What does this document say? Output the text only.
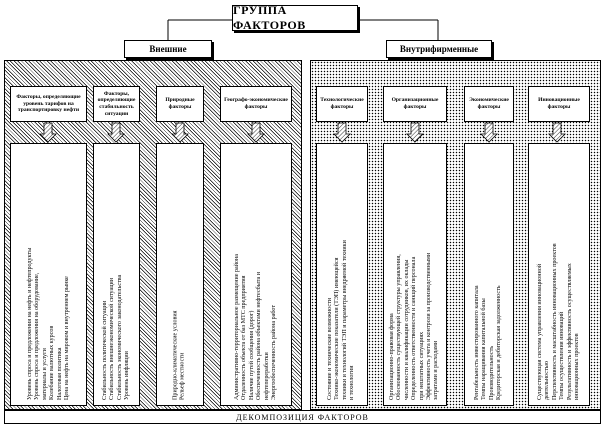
ГРУППА ФАКТОРОВ
Внешние	Внутрифирменные
Факторы, определяющие уровень тарифов на транспортировку нефти
Факторы, определяющие стабильность ситуации
Природные факторы
Географо-экономические факторы
Технологические факторы
Организационные факторы
Экономические факторы
Инновационные факторы
Уровень спроса и предложения на нефть и нефтепродукты
Уровень спроса и предложения на оборудование,
материалы и услуги
Колебание валютных курсов
Налоговая политика
Цена на нефть на мировом и внутреннем рынке
Стабильность политической ситуации
Стабильность внешнеэкономической ситуации
Стабильность экономического законодательства
Уровень инфляции	Природно-климатические условия
Рельеф местности	Административно-территориальное размещение района
Отдаленность объекта от баз МТС предприятия
Наличие путей сообщения (дорог)
Обеспеченность района объектами нефтесбыта и
нефтепереработки
Энергообеспеченность района работ
Состояние и технические возможности
Технико-экономические показатели (ТЭП) имеющейся
техники и технологий ТЭП и параметры внедряемой техники
и технологии	Организационно-правовая форма
Обоснованность существующей структуры управления,
численности и квалификации сотрудников, их оклады
Определенность ответственности и санкций персонала
при нештатных ситуациях
Эффективность учета и контроля за производственными
затратами и расходами
Рентабельность инвестированного капитала
Темпы наращивания капитальной базы
Производительность
Кредиторская и дебиторская задолженность
Существующая система управления инновационной
деятельностью
Перспективность и масштабность инновационных проектов
Темпы осуществления инноваций
Результативность и эффективность осуществляемых
инновационных проектов
ДЕКОМПОЗИЦИЯ ФАКТОРОВ
